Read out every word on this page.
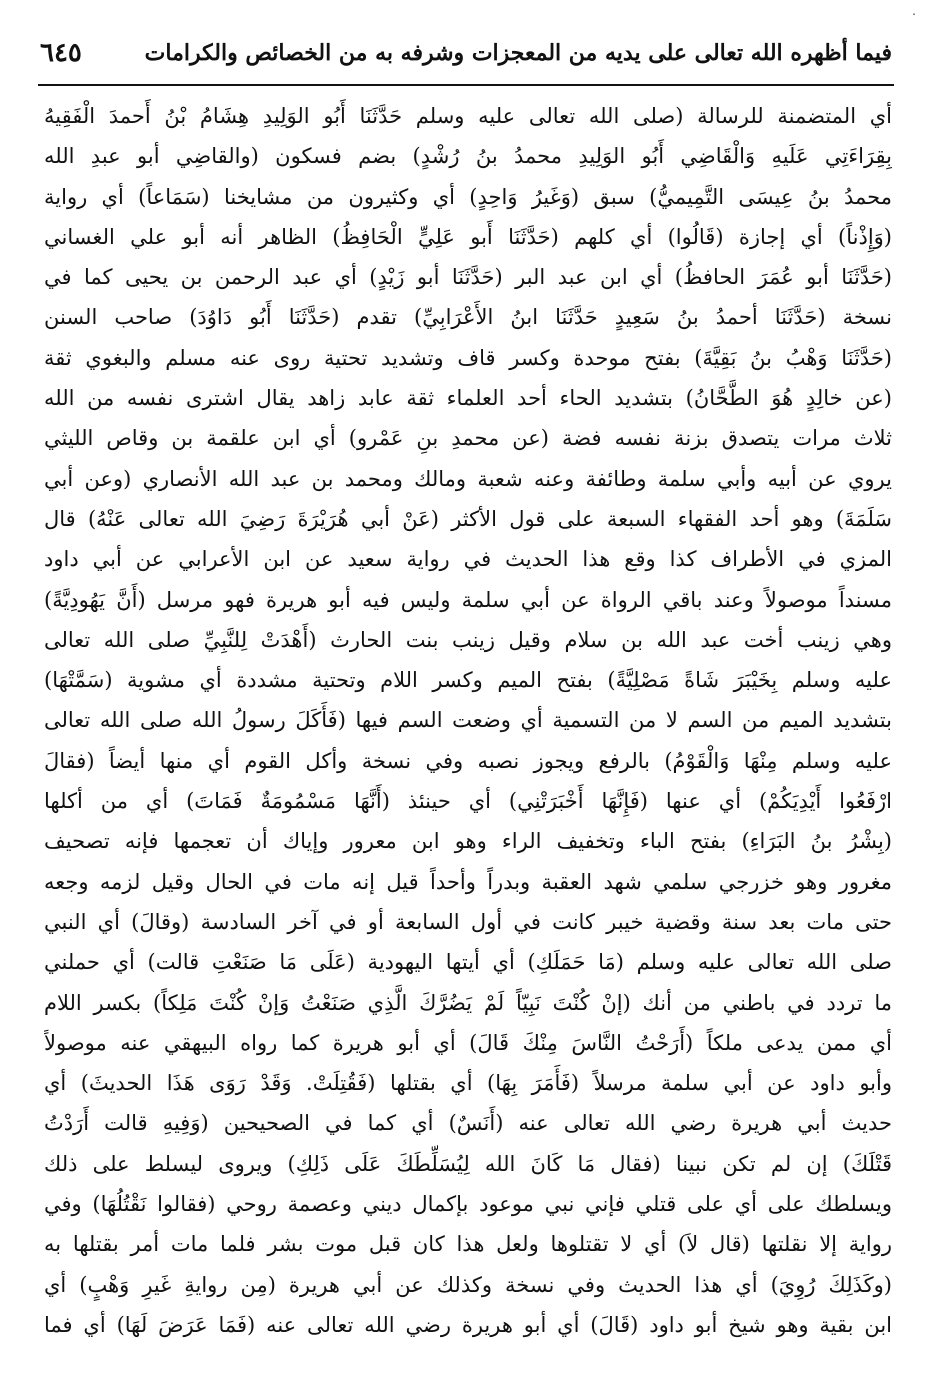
.
فيما أظهره الله تعالى على يديه من المعجزات وشرفه به من الخصائص والكرامات
٦٤٥
أي المتضمنة للرسالة (صلى الله تعالى عليه وسلم حَدَّثَنَا أَبُو الوَلِيدِ هِشَامُ بْنُ أَحمدَ الْفَقِيهُ
بِقِرَاءَتِي عَلَيهِ وَالْقَاضِي أَبُو الوَلِيدِ محمدُ بنُ رُشْدٍ) بضم فسكون (والقاضِي أبو عبدِ الله
محمدُ بنُ عِيسَى التَّمِيميُّ) سبق (وَغَيرُ وَاحِدٍ) أي وكثيرون من مشايخنا (سَمَاعاً) أي رواية
(وَإِذْناً) أي إجازة (قَالُوا) أي كلهم (حَدَّثَنَا أَبو عَلِيٍّ الْحَافِظُ) الظاهر أنه أبو علي الغساني
(حَدَّثَنَا أبو عُمَرَ الحافظُ) أي ابن عبد البر (حَدَّثَنَا أبو زَيْدٍ) أي عبد الرحمن بن يحيى كما في
نسخة (حَدَّثَنَا أحمدُ بنُ سَعِيدٍ حَدَّثَنَا ابنُ الأَعْرَابِيِّ) تقدم (حَدَّثَنَا أَبُو دَاوُدَ) صاحب السنن
(حَدَّثَنَا وَهْبُ بنُ بَقِيَّةَ) بفتح موحدة وكسر قاف وتشديد تحتية روى عنه مسلم والبغوي ثقة
(عن خالِدٍ هُوَ الطَّحَّانُ) بتشديد الحاء أحد العلماء ثقة عابد زاهد يقال اشترى نفسه من الله
ثلاث مرات يتصدق بزنة نفسه فضة (عن محمدِ بنِ عَمْرو) أي ابن علقمة بن وقاص الليثي
يروي عن أبيه وأبي سلمة وطائفة وعنه شعبة ومالك ومحمد بن عبد الله الأنصاري (وعن أبي
سَلَمَةَ) وهو أحد الفقهاء السبعة على قول الأكثر (عَنْ أبي هُرَيْرَةَ رَضِيَ الله تعالى عَنْهُ) قال
المزي في الأطراف كذا وقع هذا الحديث في رواية سعيد عن ابن الأعرابي عن أبي داود
مسنداً موصولاً وعند باقي الرواة عن أبي سلمة وليس فيه أبو هريرة فهو مرسل (أَنَّ يَهُودِيَّةً)
وهي زينب أخت عبد الله بن سلام وقيل زينب بنت الحارث (أَهْدَتْ لِلنَّبِيِّ صلى الله تعالى
عليه وسلم بِخَيْبَرَ شَاةً مَصْلِيَّةً) بفتح الميم وكسر اللام وتحتية مشددة أي مشوية (سَمَّتْهَا)
بتشديد الميم من السم لا من التسمية أي وضعت السم فيها (فَأَكَلَ رسولُ الله صلى الله تعالى
عليه وسلم مِنْهَا وَالْقَوْمُ) بالرفع ويجوز نصبه وفي نسخة وأكل القوم أي منها أيضاً (فقالَ
ارْفَعُوا أَيْدِيَكُمْ) أي عنها (فَإِنَّهَا أَخْبَرَتْنِي) أي حينئذ (أَنَّهَا مَسْمُومَةٌ فَمَاتَ) أي من أكلها
(بِشْرُ بنُ البَرَاءِ) بفتح الباء وتخفيف الراء وهو ابن معرور وإياك أن تعجمها فإنه تصحيف
مغرور وهو خزرجي سلمي شهد العقبة وبدراً وأحداً قيل إنه مات في الحال وقيل لزمه وجعه
حتى مات بعد سنة وقضية خيبر كانت في أول السابعة أو في آخر السادسة (وقالَ) أي النبي
صلى الله تعالى عليه وسلم (مَا حَمَلَكِ) أي أيتها اليهودية (عَلَى مَا صَنَعْتِ قالت) أي حملني
ما تردد في باطني من أنك (إنْ كُنْتَ نَبِيّاً لَمْ يَضُرَّكَ الَّذِي صَنَعْتُ وَإنْ كُنْتَ مَلِكاً) بكسر اللام
أي ممن يدعى ملكاً (أَرَحْتُ النَّاسَ مِنْكَ قَالَ) أي أبو هريرة كما رواه البيهقي عنه موصولاً
وأبو داود عن أبي سلمة مرسلاً (فَأَمَرَ بِهَا) أي بقتلها (فَقُتِلَتْ. وَقَدْ رَوَى هَذَا الحديثَ) أي
حديث أبي هريرة رضي الله تعالى عنه (أَنَسٌ) أي كما في الصحيحين (وَفِيهِ قالت أَرَدْتُ
قَتْلَكَ) إن لم تكن نبينا (فقال مَا كَانَ الله لِيُسَلِّطَكَ عَلَى ذَلِكِ) ويروى ليسلط على ذلك
ويسلطك على أي على قتلي فإني نبي موعود بإكمال ديني وعصمة روحي (فقالوا نَقْتُلُهَا) وفي
رواية إلا نقلتها (قال لاَ) أي لا تقتلوها ولعل هذا كان قبل موت بشر فلما مات أمر بقتلها به
(وكَذَلِكَ رُوِيَ) أي هذا الحديث وفي نسخة وكذلك عن أبي هريرة (مِن روايةِ غَيرِ وَهْبٍ) أي
ابن بقية وهو شيخ أبو داود (قَالَ) أي أبو هريرة رضي الله تعالى عنه (فَمَا عَرَضَ لَهَا) أي فما
